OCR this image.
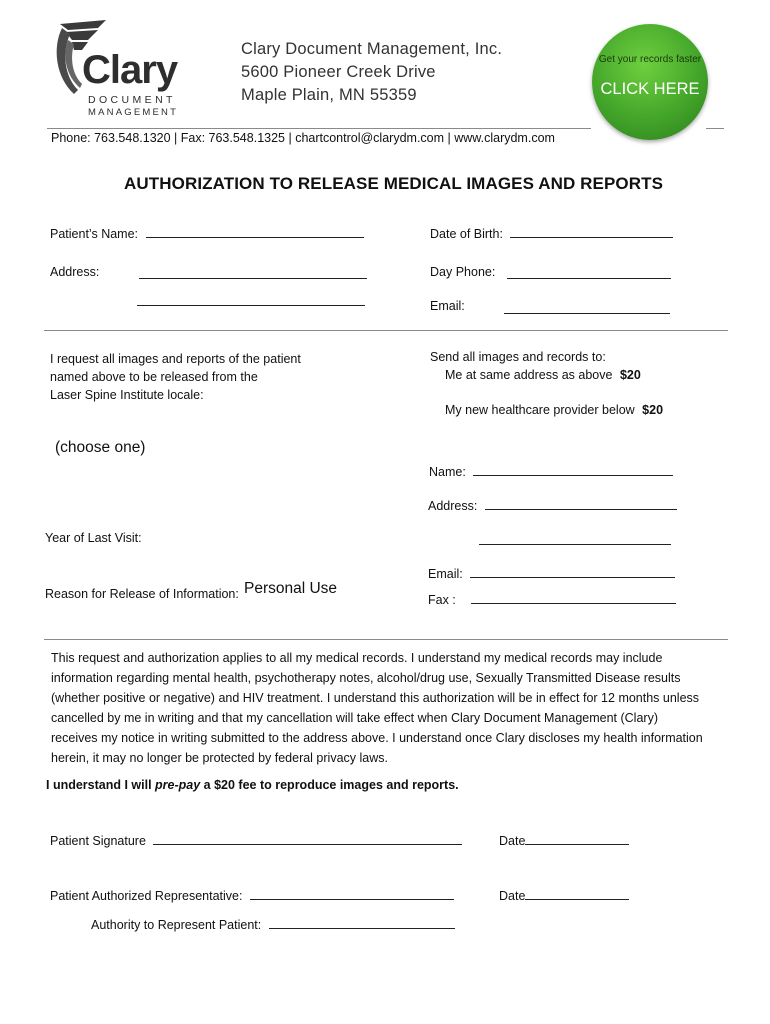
Clary
DOCUMENT
MANAGEMENT
Clary Document Management, Inc.
5600 Pioneer Creek Drive
Maple Plain, MN 55359
Get your records faster
CLICK HERE
Phone: 763.548.1320 | Fax: 763.548.1325 | chartcontrol@clarydm.com | www.clarydm.com
AUTHORIZATION TO RELEASE MEDICAL IMAGES AND REPORTS
Patient’s Name:	Date of Birth:
Address:	Day Phone:
Email:
I request all images and reports of the patient
named above to be released from the
Laser Spine Institute locale:
(choose one)
Year of Last Visit:
Reason for Release of Information: Personal Use
Send all images and records to:
Me at same address as above $20
My new healthcare provider below $20
Name:
Address:
Email:
Fax :
This request and authorization applies to all my medical records. I understand my medical records may include
information regarding mental health, psychotherapy notes, alcohol/drug use, Sexually Transmitted Disease results
(whether positive or negative) and HIV treatment. I understand this authorization will be in effect for 12 months unless
cancelled by me in writing and that my cancellation will take effect when Clary Document Management (Clary)
receives my notice in writing submitted to the address above. I understand once Clary discloses my health information
herein, it may no longer be protected by federal privacy laws.
I understand I will pre-pay a $20 fee to reproduce images and reports.
Patient Signature	Date
Patient Authorized Representative:	Date
Authority to Represent Patient:
